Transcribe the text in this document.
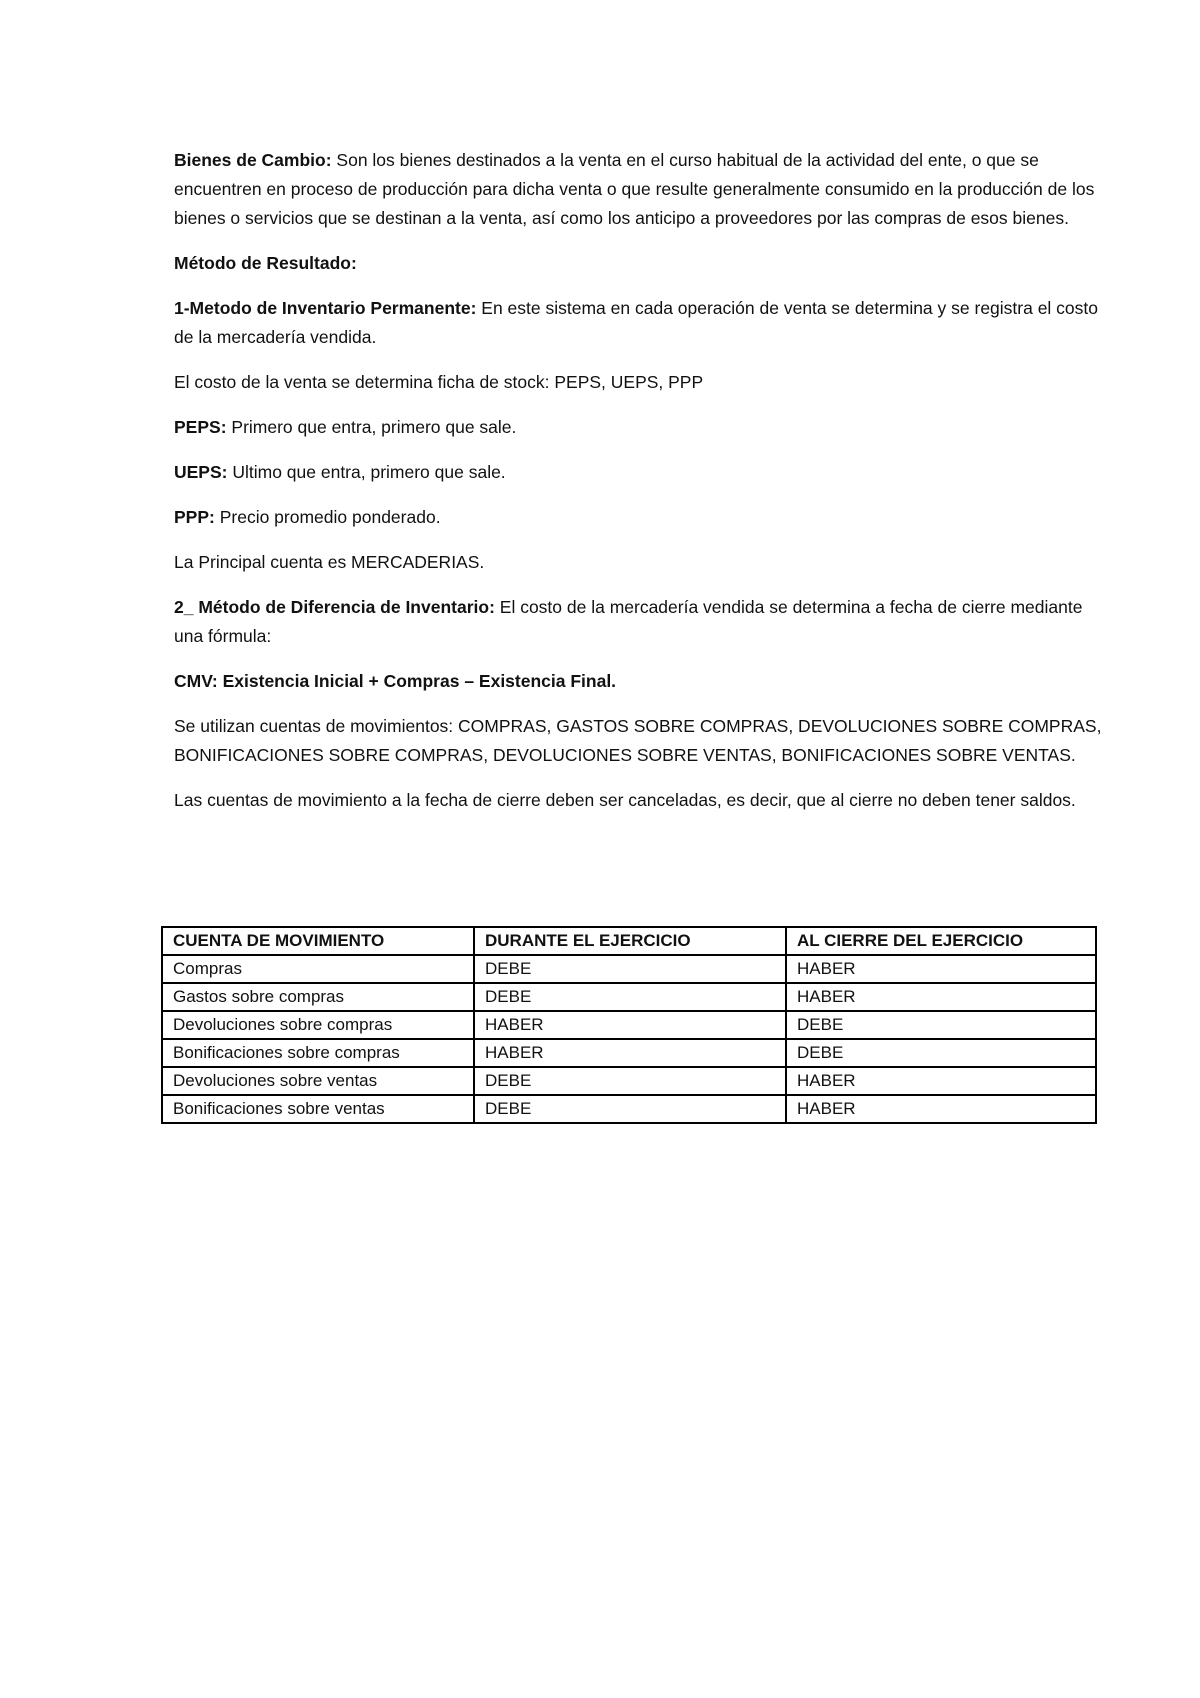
Bienes de Cambio: Son los bienes destinados a la venta en el curso habitual de la actividad del ente, o que se encuentren en proceso de producción para dicha venta o que resulte generalmente consumido en la producción de los bienes o servicios que se destinan a la venta, así como los anticipo a proveedores por las compras de esos bienes.

Método de Resultado:

1-Metodo de Inventario Permanente: En este sistema en cada operación de venta se determina y se registra el costo de la mercadería vendida.

El costo de la venta se determina ficha de stock: PEPS, UEPS, PPP

PEPS: Primero que entra, primero que sale.

UEPS: Ultimo que entra, primero que sale.

PPP: Precio promedio ponderado.

La Principal cuenta es MERCADERIAS.

2_ Método de Diferencia de Inventario: El costo de la mercadería vendida se determina a fecha de cierre mediante una fórmula:

CMV: Existencia Inicial + Compras – Existencia Final.

Se utilizan cuentas de movimientos: COMPRAS, GASTOS SOBRE COMPRAS, DEVOLUCIONES SOBRE COMPRAS, BONIFICACIONES SOBRE COMPRAS, DEVOLUCIONES SOBRE VENTAS, BONIFICACIONES SOBRE VENTAS.

Las cuentas de movimiento a la fecha de cierre deben ser canceladas, es decir, que al cierre no deben tener saldos.

CUENTA DE MOVIMIENTO	DURANTE EL EJERCICIO	AL CIERRE DEL EJERCICIO
Compras	DEBE	HABER
Gastos sobre compras	DEBE	HABER
Devoluciones sobre compras	HABER	DEBE
Bonificaciones sobre compras	HABER	DEBE
Devoluciones sobre ventas	DEBE	HABER
Bonificaciones sobre ventas	DEBE	HABER
